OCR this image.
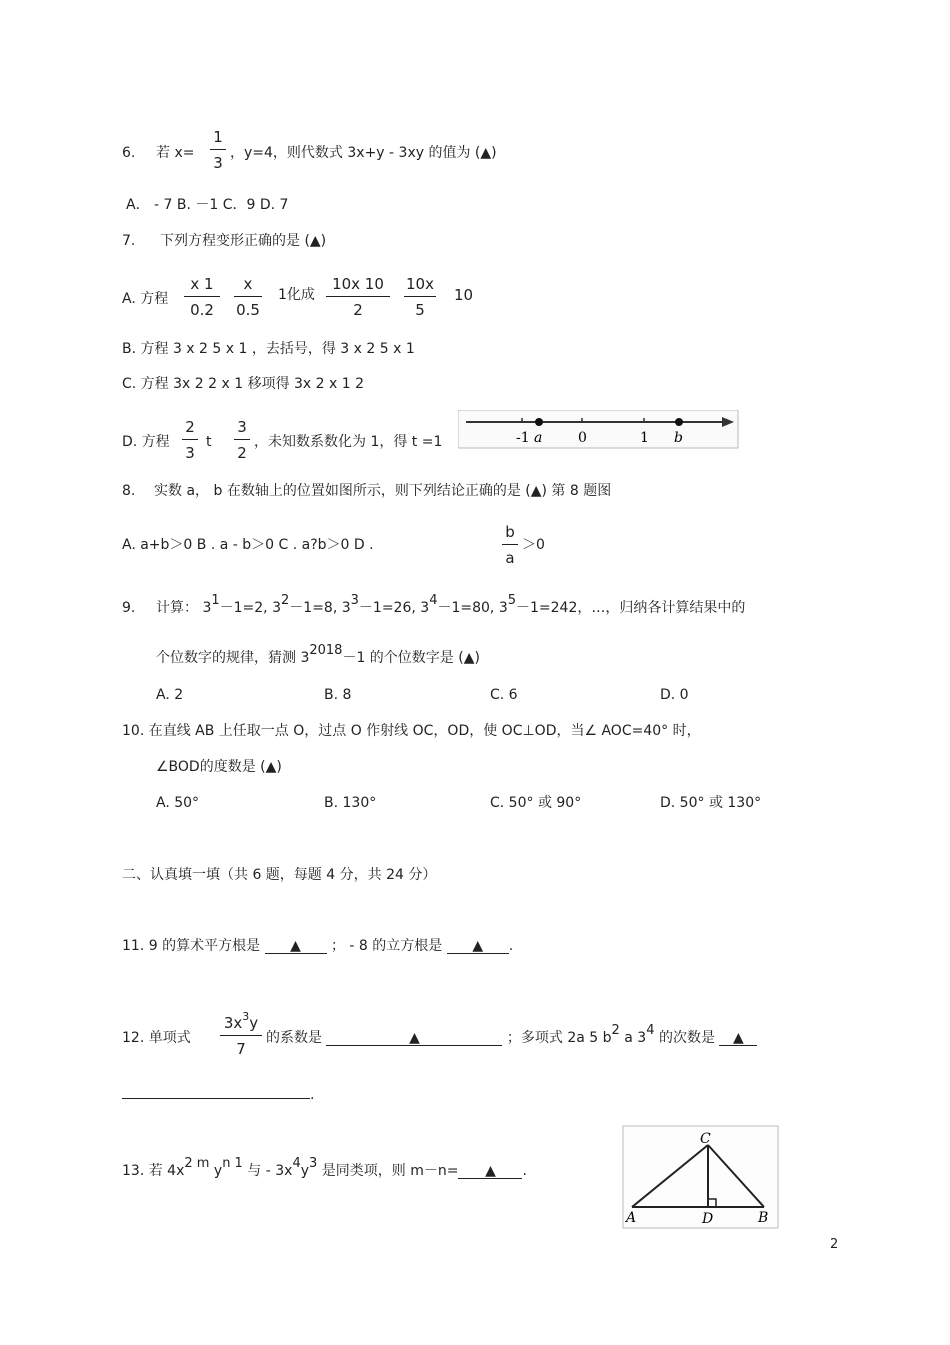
6. 若 x=
1
3
，y=4，则代数式 3x+y - 3xy 的值为 (▲)
A． - 7 B. －1 C．9 D. 7
7. 下列方程变形正确的是 (▲)
A. 方程
x 1
0.2
x
0.5
1化成
10x 10
2
10x
5
10
B. 方程 3 x 2 5 x 1 ，去括号，得 3 x 2 5 x 1
C. 方程 3x 2 2 x 1 移项得 3x 2 x 1 2
D. 方程
2
3
t
3
2
，未知数系数化为 1，得 t =1	-1 a	0	1 b
8. 实数 a， b 在数轴上的位置如图所示，则下列结论正确的是 (▲) 第 8 题图
A. a+b＞0 B . a - b＞0 C . a?b＞0 D .
b
a
＞0
9. 计算： 31－1=2, 32－1=8, 33－1=26, 34－1=80, 35－1=242，…，归纳各计算结果中的
个位数字的规律，猜测 32018－1 的个位数字是 (▲)
A. 2	B. 8	C. 6	D. 0
10. 在直线 AB 上任取一点 O，过点 O 作射线 OC，OD，使 OC⊥OD，当∠ AOC=40° 时，
∠BOD的度数是 (▲)
A. 50°	B. 130°	C. 50° 或 90°	D. 50° 或 130°
二、认真填一填（共 6 题，每题 4 分，共 24 分）
11. 9 的算术平方根是 ▲ ； - 8 的立方根是 ▲ .
12. 单项式
$3x^3y$
7
的系数是	▲	；多项式 2a 5 b2 a 34 的次数是 ▲
.
13. 若 4x2 m yn 1 与 - 3x4y3 是同类项，则 m－n= ▲ .
A	B
C
D
2
